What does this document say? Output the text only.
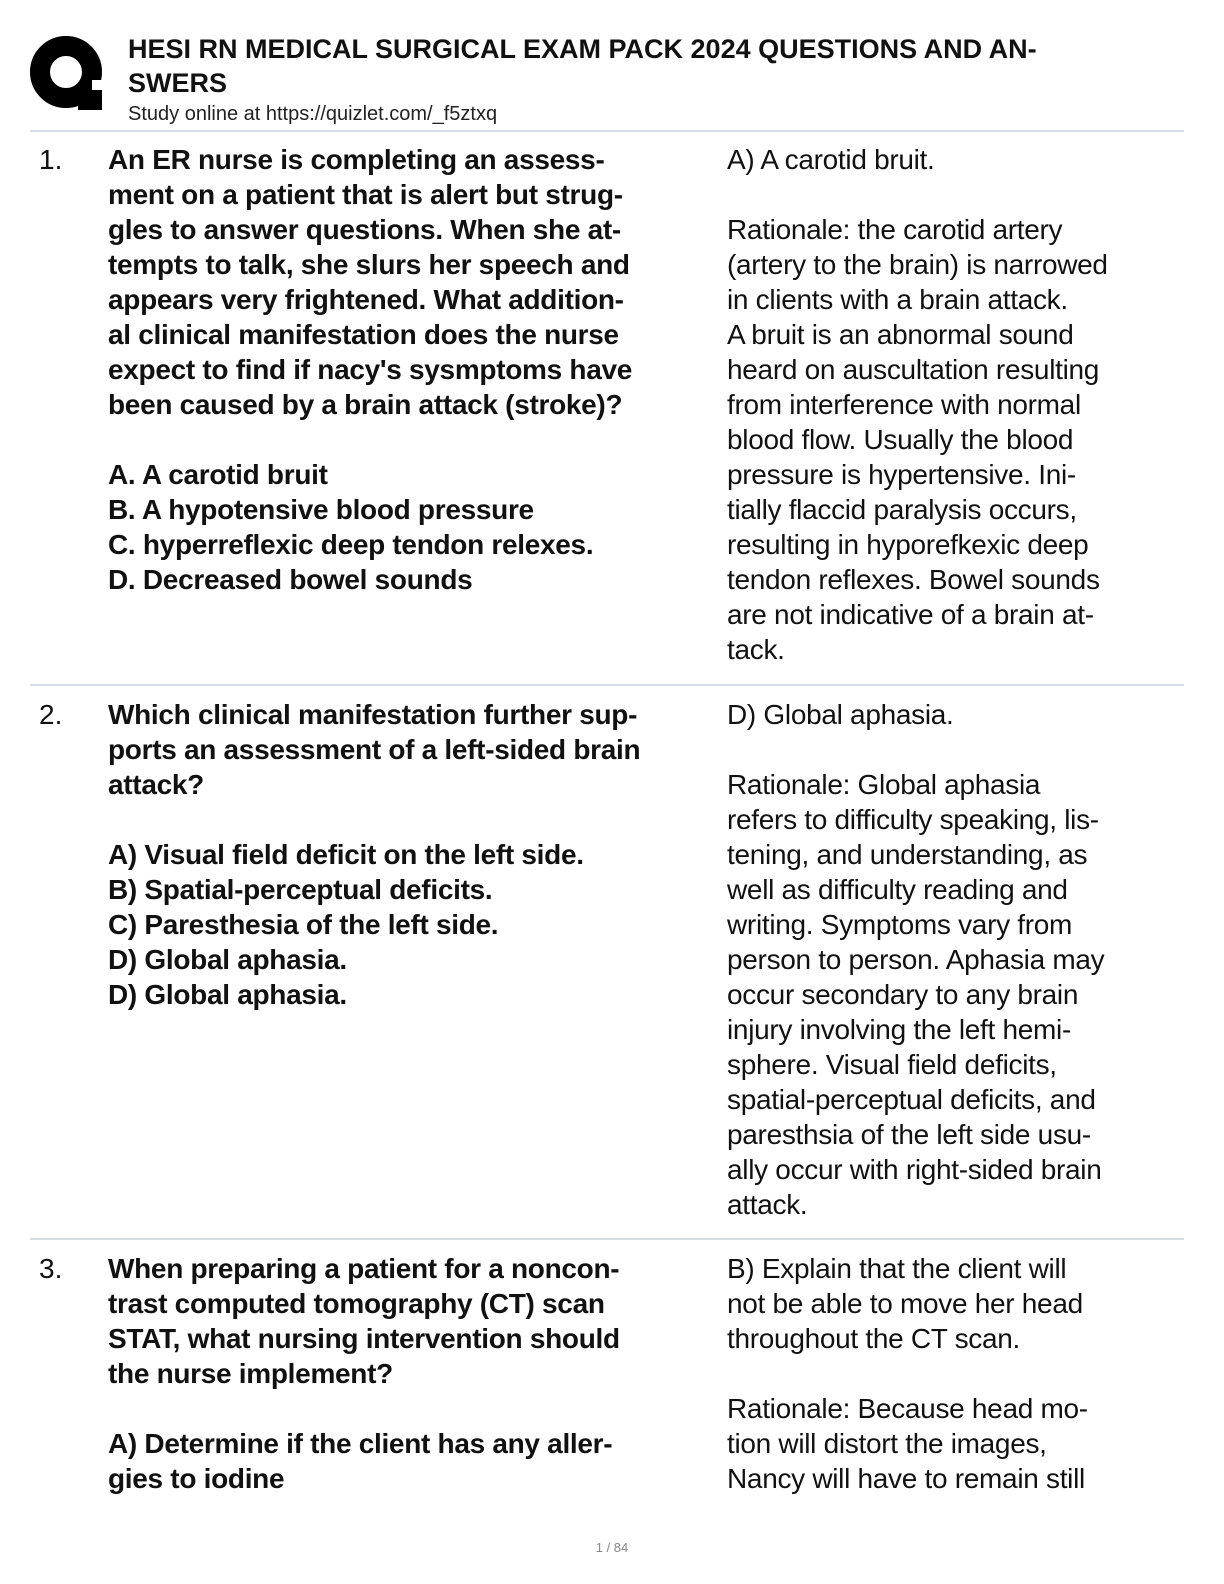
HESI RN MEDICAL SURGICAL EXAM PACK 2024 QUESTIONS AND AN-
SWERS
Study online at https://quizlet.com/_f5ztxq
1. An ER nurse is completing an assess-
ment on a patient that is alert but strug-
gles to answer questions. When she at-
tempts to talk, she slurs her speech and
appears very frightened. What addition-
al clinical manifestation does the nurse
expect to find if nacy's sysmptoms have
been caused by a brain attack (stroke)?
A. A carotid bruit
B. A hypotensive blood pressure
C. hyperreflexic deep tendon relexes.
D. Decreased bowel sounds
A) A carotid bruit.
Rationale: the carotid artery
(artery to the brain) is narrowed
in clients with a brain attack.
A bruit is an abnormal sound
heard on auscultation resulting
from interference with normal
blood flow. Usually the blood
pressure is hypertensive. Ini-
tially flaccid paralysis occurs,
resulting in hyporefkexic deep
tendon reflexes. Bowel sounds
are not indicative of a brain at-
tack.
2. Which clinical manifestation further sup-
ports an assessment of a left-sided brain
attack?
A) Visual field deficit on the left side.
B) Spatial-perceptual deficits.
C) Paresthesia of the left side.
D) Global aphasia.
D) Global aphasia.
D) Global aphasia.
Rationale: Global aphasia
refers to difficulty speaking, lis-
tening, and understanding, as
well as difficulty reading and
writing. Symptoms vary from
person to person. Aphasia may
occur secondary to any brain
injury involving the left hemi-
sphere. Visual field deficits,
spatial-perceptual deficits, and
paresthsia of the left side usu-
ally occur with right-sided brain
attack.
3. When preparing a patient for a noncon-
trast computed tomography (CT) scan
STAT, what nursing intervention should
the nurse implement?
A) Determine if the client has any aller-
gies to iodine
B) Explain that the client will
not be able to move her head
throughout the CT scan.
Rationale: Because head mo-
tion will distort the images,
Nancy will have to remain still
1 / 84
